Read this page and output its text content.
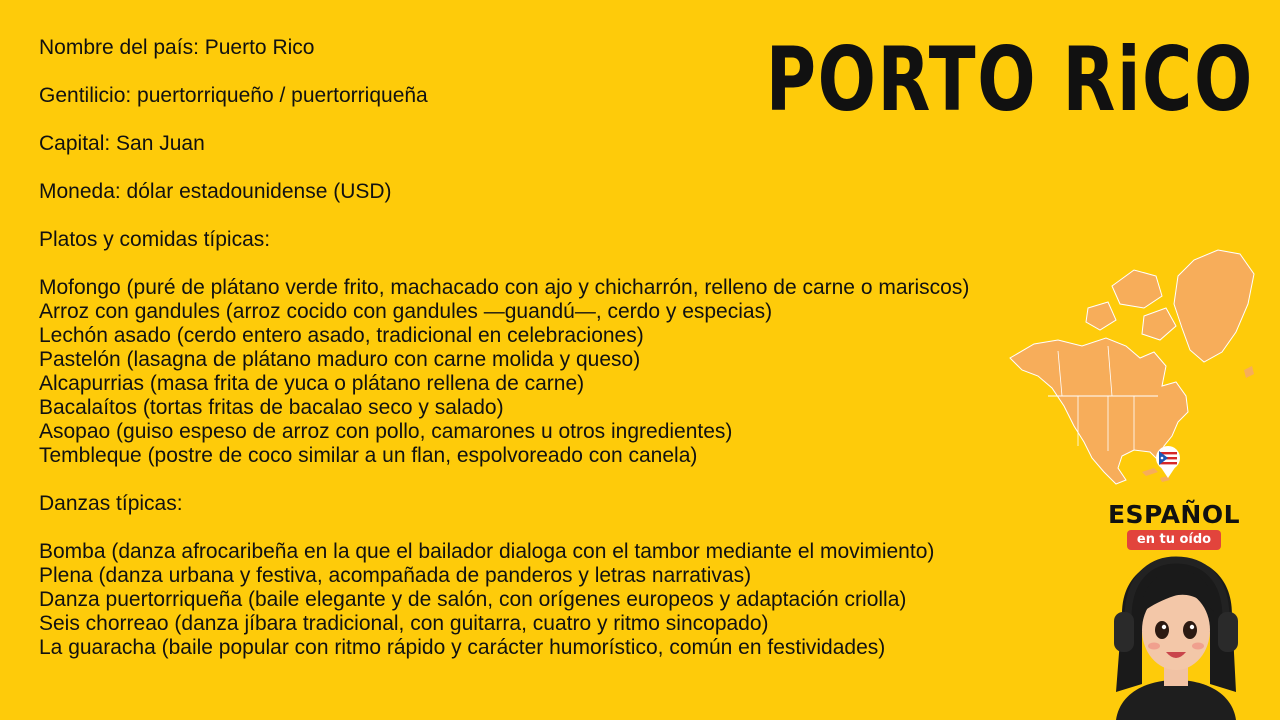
Nombre del país: Puerto Rico

Gentilicio: puertorriqueño / puertorriqueña

Capital: San Juan

Moneda: dólar estadounidense (USD)

Platos y comidas típicas:

Mofongo (puré de plátano verde frito, machacado con ajo y chicharrón, relleno de carne o mariscos)

Arroz con gandules (arroz cocido con gandules —guandú—, cerdo y especias)

Lechón asado (cerdo entero asado, tradicional en celebraciones)

Pastelón (lasagna de plátano maduro con carne molida y queso)

Alcapurrias (masa frita de yuca o plátano rellena de carne)

Bacalaítos (tortas fritas de bacalao seco y salado)

Asopao (guiso espeso de arroz con pollo, camarones u otros ingredientes)

Tembleque (postre de coco similar a un flan, espolvoreado con canela)

Danzas típicas:

Bomba (danza afrocaribeña en la que el bailador dialoga con el tambor mediante el movimiento)

Plena (danza urbana y festiva, acompañada de panderos y letras narrativas)

Danza puertorriqueña (baile elegante y de salón, con orígenes europeos y adaptación criolla)

Seis chorreao (danza jíbara tradicional, con guitarra, cuatro y ritmo sincopado)

La guaracha (baile popular con ritmo rápido y carácter humorístico, común en festividades)

PORTO RiCO
ESPAÑOL
en tu oído
